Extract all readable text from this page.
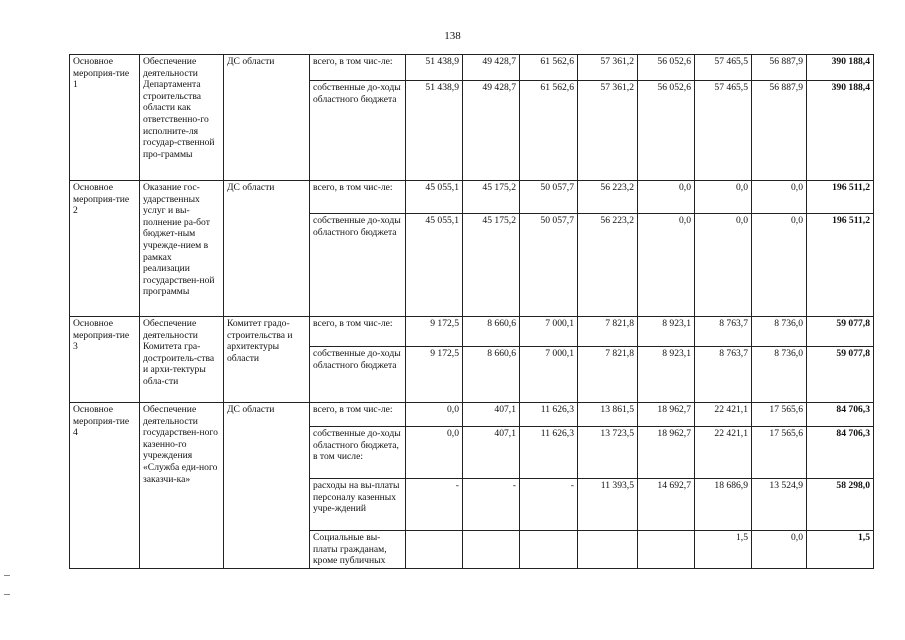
138
Основное мероприя-тие 1	Обеспечение деятельности Департамента строительства области как ответственно-го исполните-ля государ-ственной про-граммы	ДС области	всего, в том чис-ле:	51 438,9	49 428,7	61 562,6	57 361,2	56 052,6	57 465,5	56 887,9	390 188,4
			собственные до-ходы областного бюджета	51 438,9	49 428,7	61 562,6	57 361,2	56 052,6	57 465,5	56 887,9	390 188,4
Основное мероприя-тие 2	Оказание гос-ударственных услуг и вы-полнение ра-бот бюджет-ным учрежде-нием в рамках реализации государствен-ной программы	ДС области	всего, в том чис-ле:	45 055,1	45 175,2	50 057,7	56 223,2	0,0	0,0	0,0	196 511,2
			собственные до-ходы областного бюджета	45 055,1	45 175,2	50 057,7	56 223,2	0,0	0,0	0,0	196 511,2
Основное мероприя-тие 3	Обеспечение деятельности Комитета гра-достроитель-ства и архи-тектуры обла-сти	Комитет градо-строительства и архитектуры области	всего, в том чис-ле:	9 172,5	8 660,6	7 000,1	7 821,8	8 923,1	8 763,7	8 736,0	59 077,8
			собственные до-ходы областного бюджета	9 172,5	8 660,6	7 000,1	7 821,8	8 923,1	8 763,7	8 736,0	59 077,8
Основное мероприя-тие 4	Обеспечение деятельности государствен-ного казенно-го учреждения «Служба еди-ного заказчи-ка»	ДС области	всего, в том чис-ле:	0,0	407,1	11 626,3	13 861,5	18 962,7	22 421,1	17 565,6	84 706,3
			собственные до-ходы областного бюджета, в том числе:	0,0	407,1	11 626,3	13 723,5	18 962,7	22 421,1	17 565,6	84 706,3
			расходы на вы-платы персоналу казенных учре-ждений	-	-	-	11 393,5	14 692,7	18 686,9	13 524,9	58 298,0
			Социальные вы-платы гражданам, кроме публичных						1,5	0,0	1,5
